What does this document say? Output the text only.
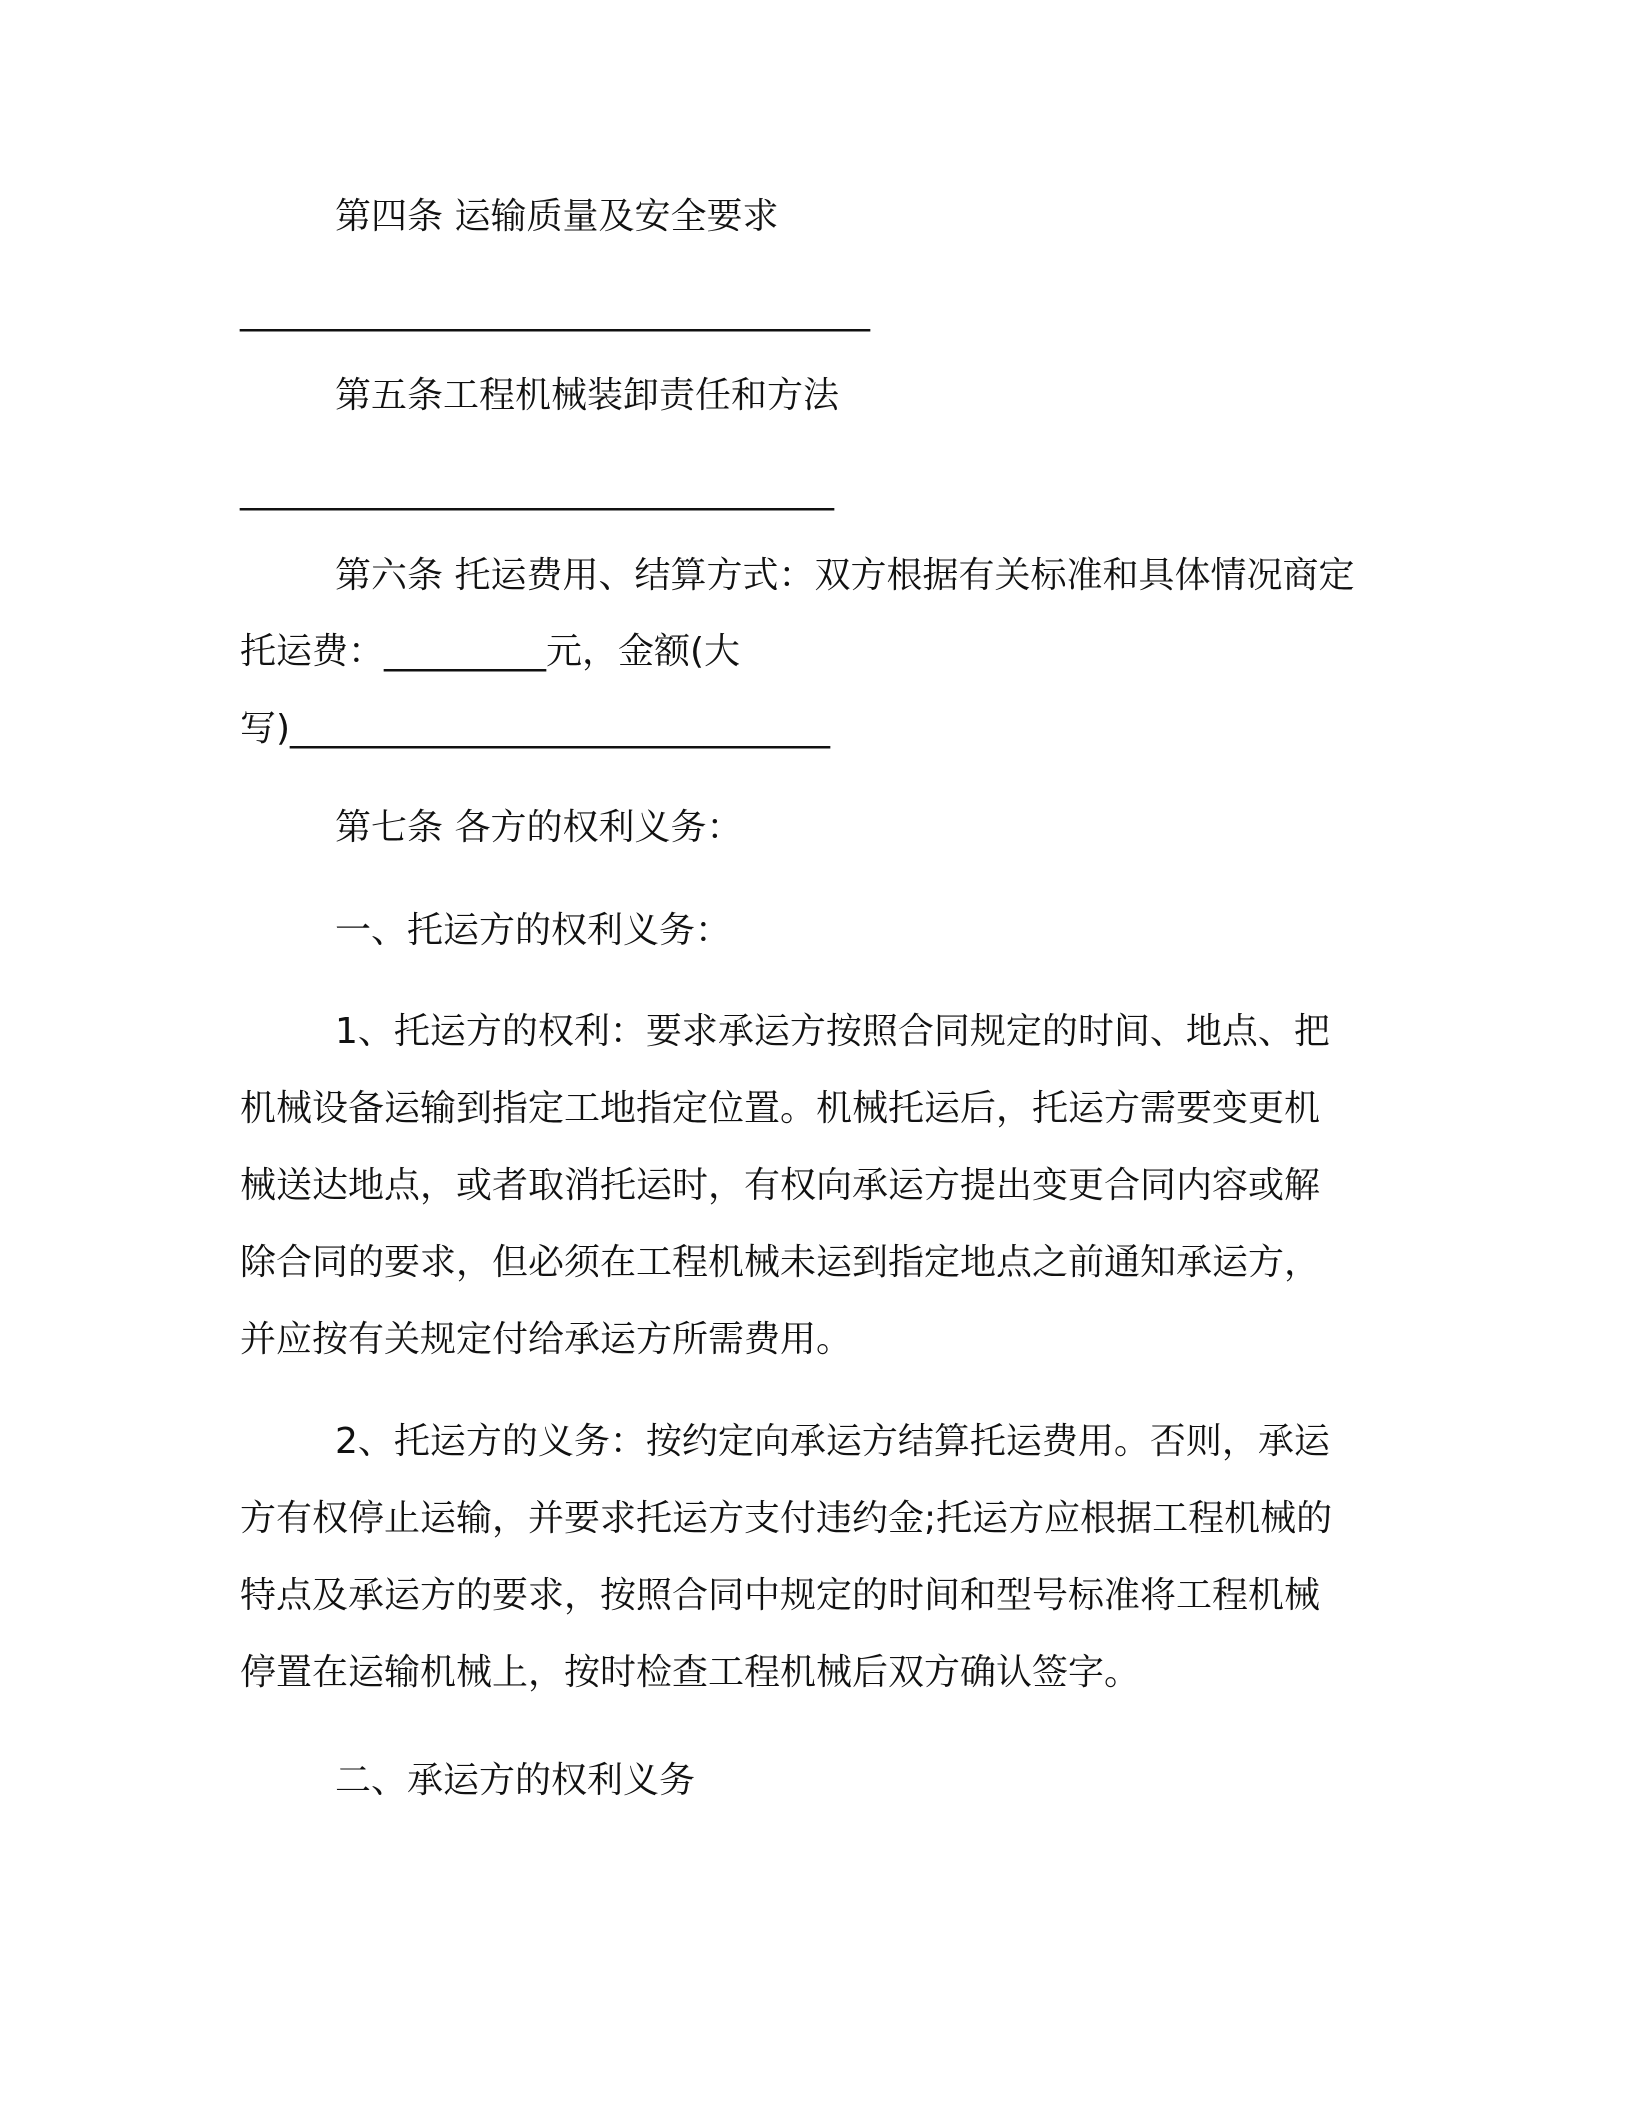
第四条 运输质量及安全要求
___________________________________
第五条工程机械装卸责任和方法
_________________________________
第六条 托运费用、结算方式：双方根据有关标准和具体情况商定
托运费：_________元，金额(大
写)______________________________
第七条 各方的权利义务：
一、托运方的权利义务：
1、托运方的权利：要求承运方按照合同规定的时间、地点、把
机械设备运输到指定工地指定位置。机械托运后，托运方需要变更机
械送达地点，或者取消托运时，有权向承运方提出变更合同内容或解
除合同的要求，但必须在工程机械未运到指定地点之前通知承运方，
并应按有关规定付给承运方所需费用。
2、托运方的义务：按约定向承运方结算托运费用。否则，承运
方有权停止运输，并要求托运方支付违约金;托运方应根据工程机械的
特点及承运方的要求，按照合同中规定的时间和型号标准将工程机械
停置在运输机械上，按时检查工程机械后双方确认签字。
二、承运方的权利义务
